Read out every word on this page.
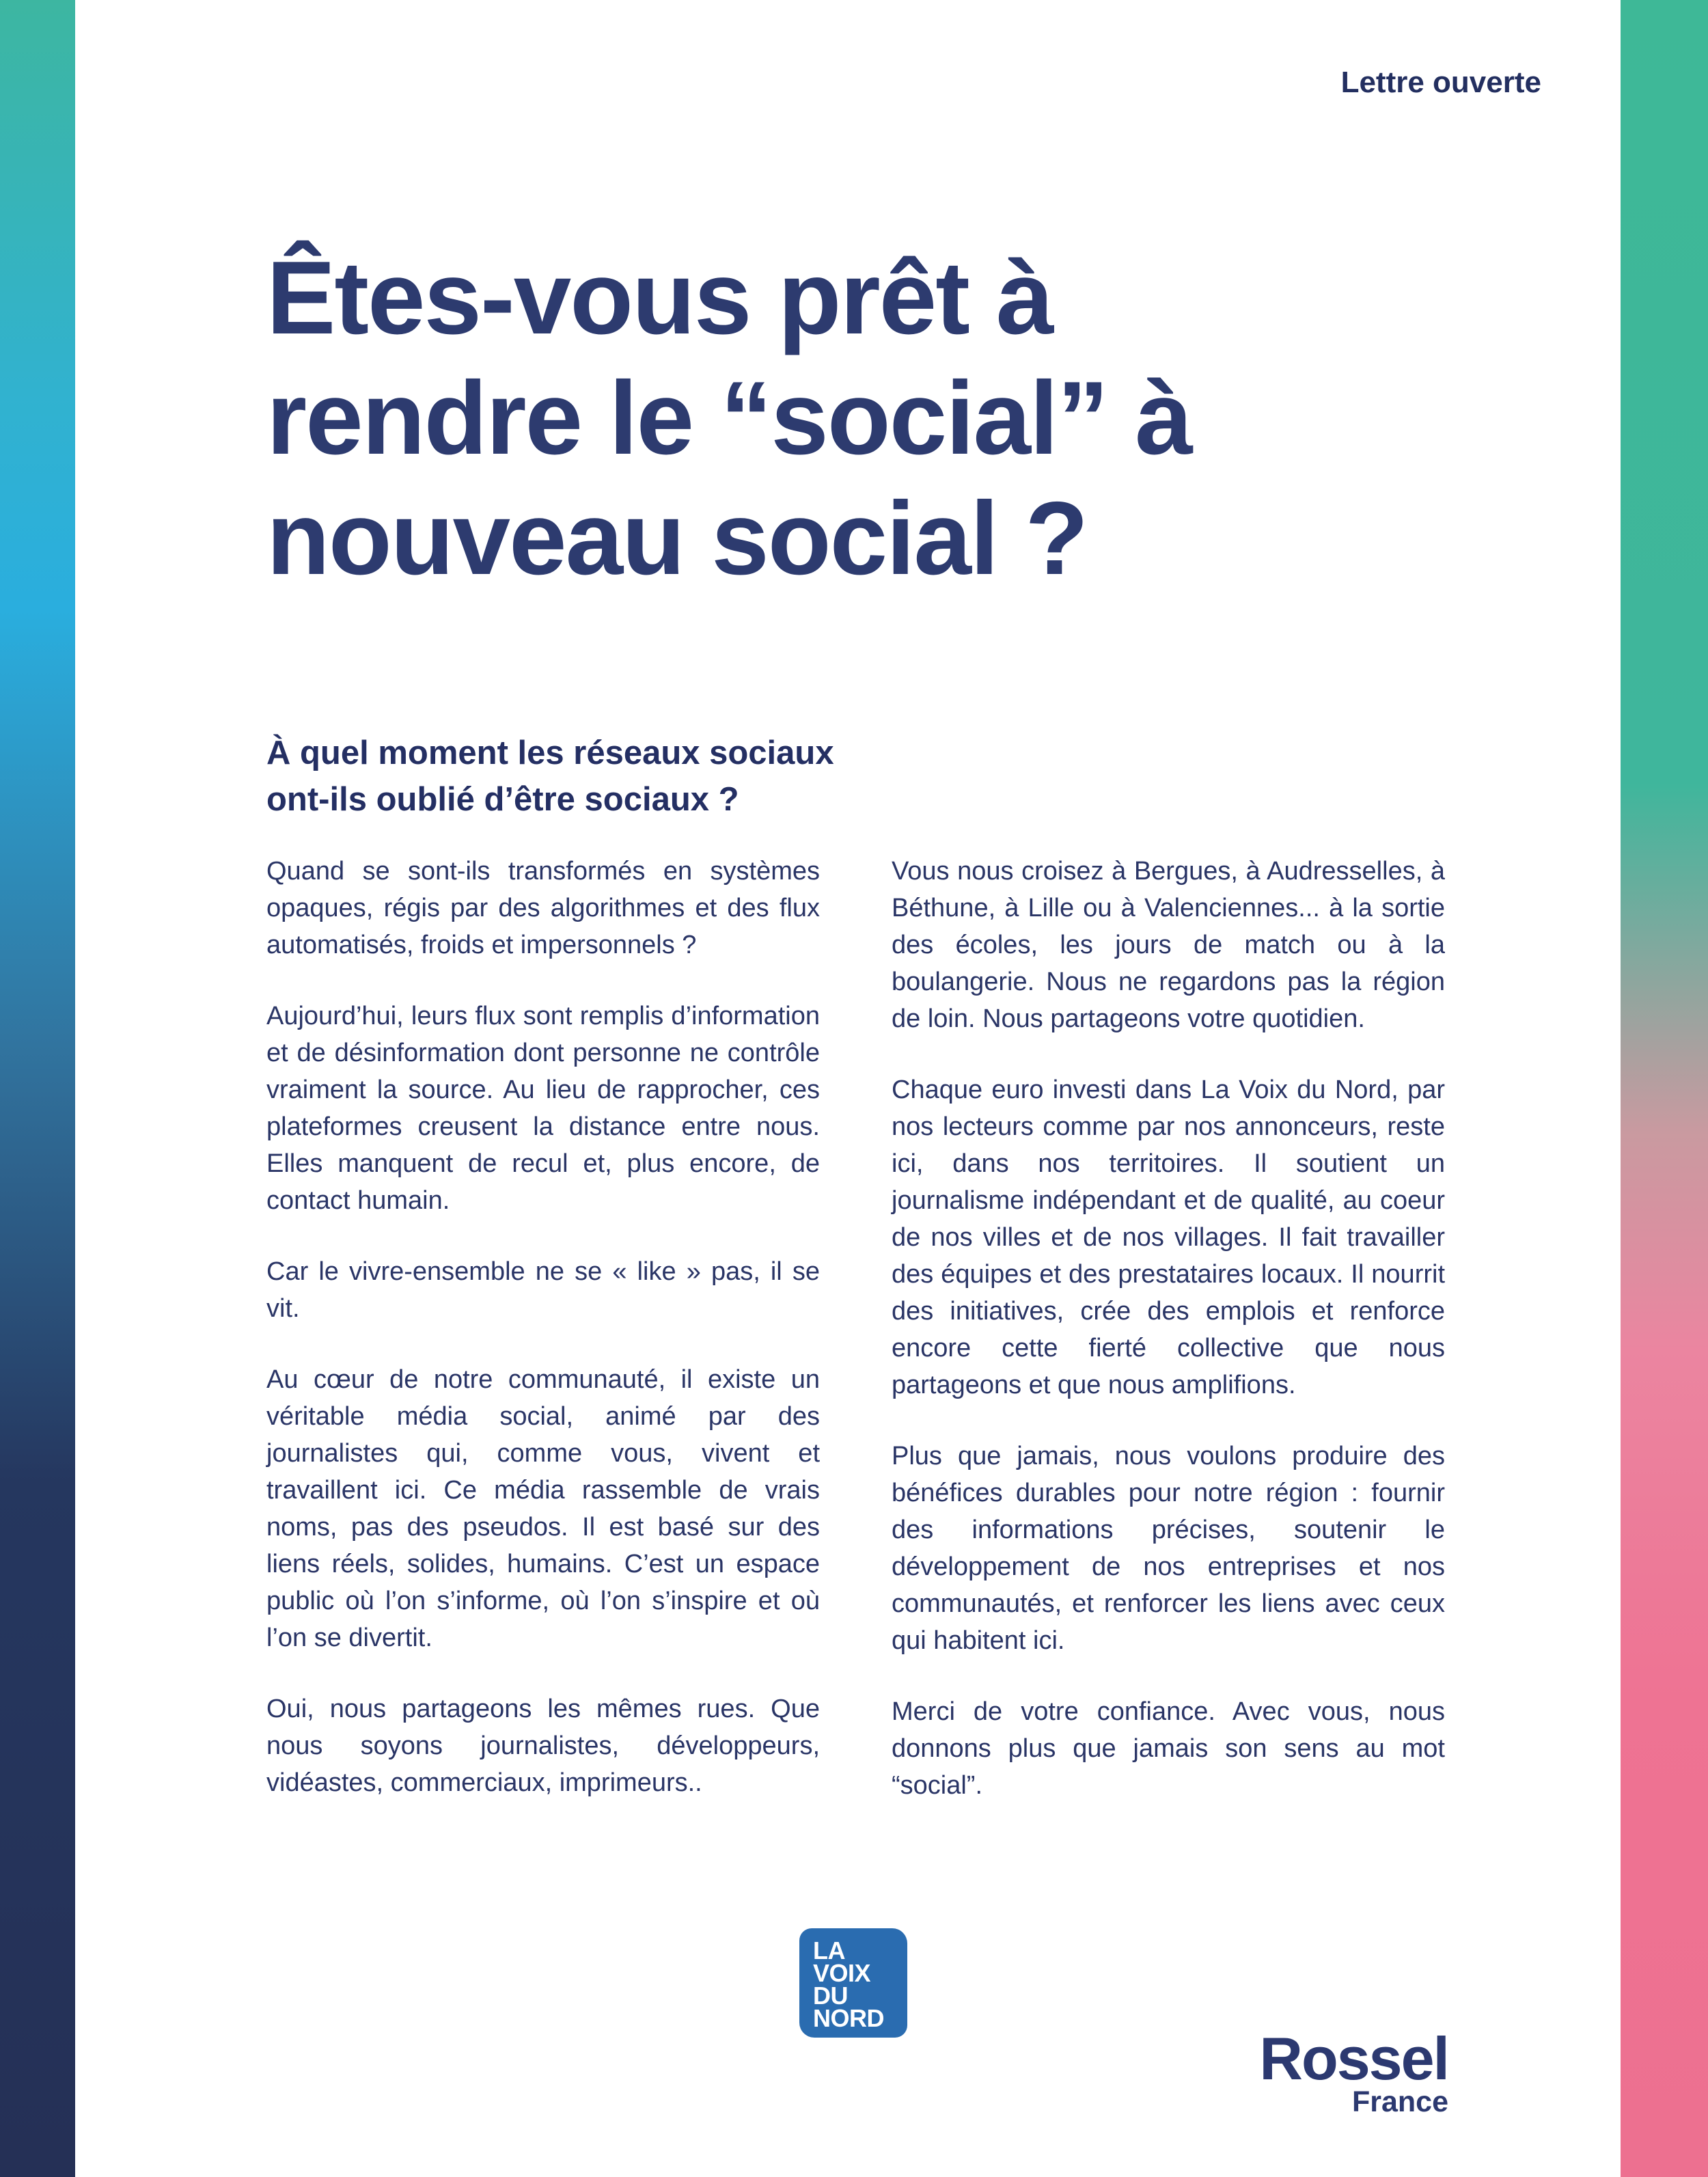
Lettre ouverte
Êtes-vous prêt à
rendre le “social” à
nouveau social ?
À quel moment les réseaux sociaux
ont-ils oublié d’être sociaux ?

Quand se sont-ils transformés en systèmes opaques, régis par des algorithmes et des flux automatisés, froids et impersonnels ?

Aujourd’hui, leurs flux sont remplis d’information et de désinformation dont personne ne contrôle vraiment la source. Au lieu de rapprocher, ces plateformes creusent la distance entre nous. Elles manquent de recul et, plus encore, de contact humain.

Car le vivre-ensemble ne se « like » pas, il se vit.

Au cœur de notre communauté, il existe un véritable média social, animé par des journalistes qui, comme vous, vivent et travaillent ici. Ce média rassemble de vrais noms, pas des pseudos. Il est basé sur des liens réels, solides, humains. C’est un espace public où l’on s’informe, où l’on s’inspire et où l’on se divertit.

Oui, nous partageons les mêmes rues. Que nous soyons journalistes, développeurs, vidéastes, commerciaux, imprimeurs..

Vous nous croisez à Bergues, à Audresselles, à Béthune, à Lille ou à Valenciennes... à la sortie des écoles, les jours de match ou à la boulangerie. Nous ne regardons pas la région de loin. Nous partageons votre quotidien.

Chaque euro investi dans La Voix du Nord, par nos lecteurs comme par nos annonceurs, reste ici, dans nos territoires. Il soutient un journalisme indépendant et de qualité, au coeur de nos villes et de nos villages. Il fait travailler des équipes et des prestataires locaux. Il nourrit des initiatives, crée des emplois et renforce encore cette fierté collective que nous partageons et que nous amplifions.

Plus que jamais, nous voulons produire des bénéfices durables pour notre région : fournir des informations précises, soutenir le développement de nos entreprises et nos communautés, et renforcer les liens avec ceux qui habitent ici.

Merci de votre confiance. Avec vous, nous donnons plus que jamais son sens au mot “social”.

LA
VOIX
DU
NORD
Rossel
France
